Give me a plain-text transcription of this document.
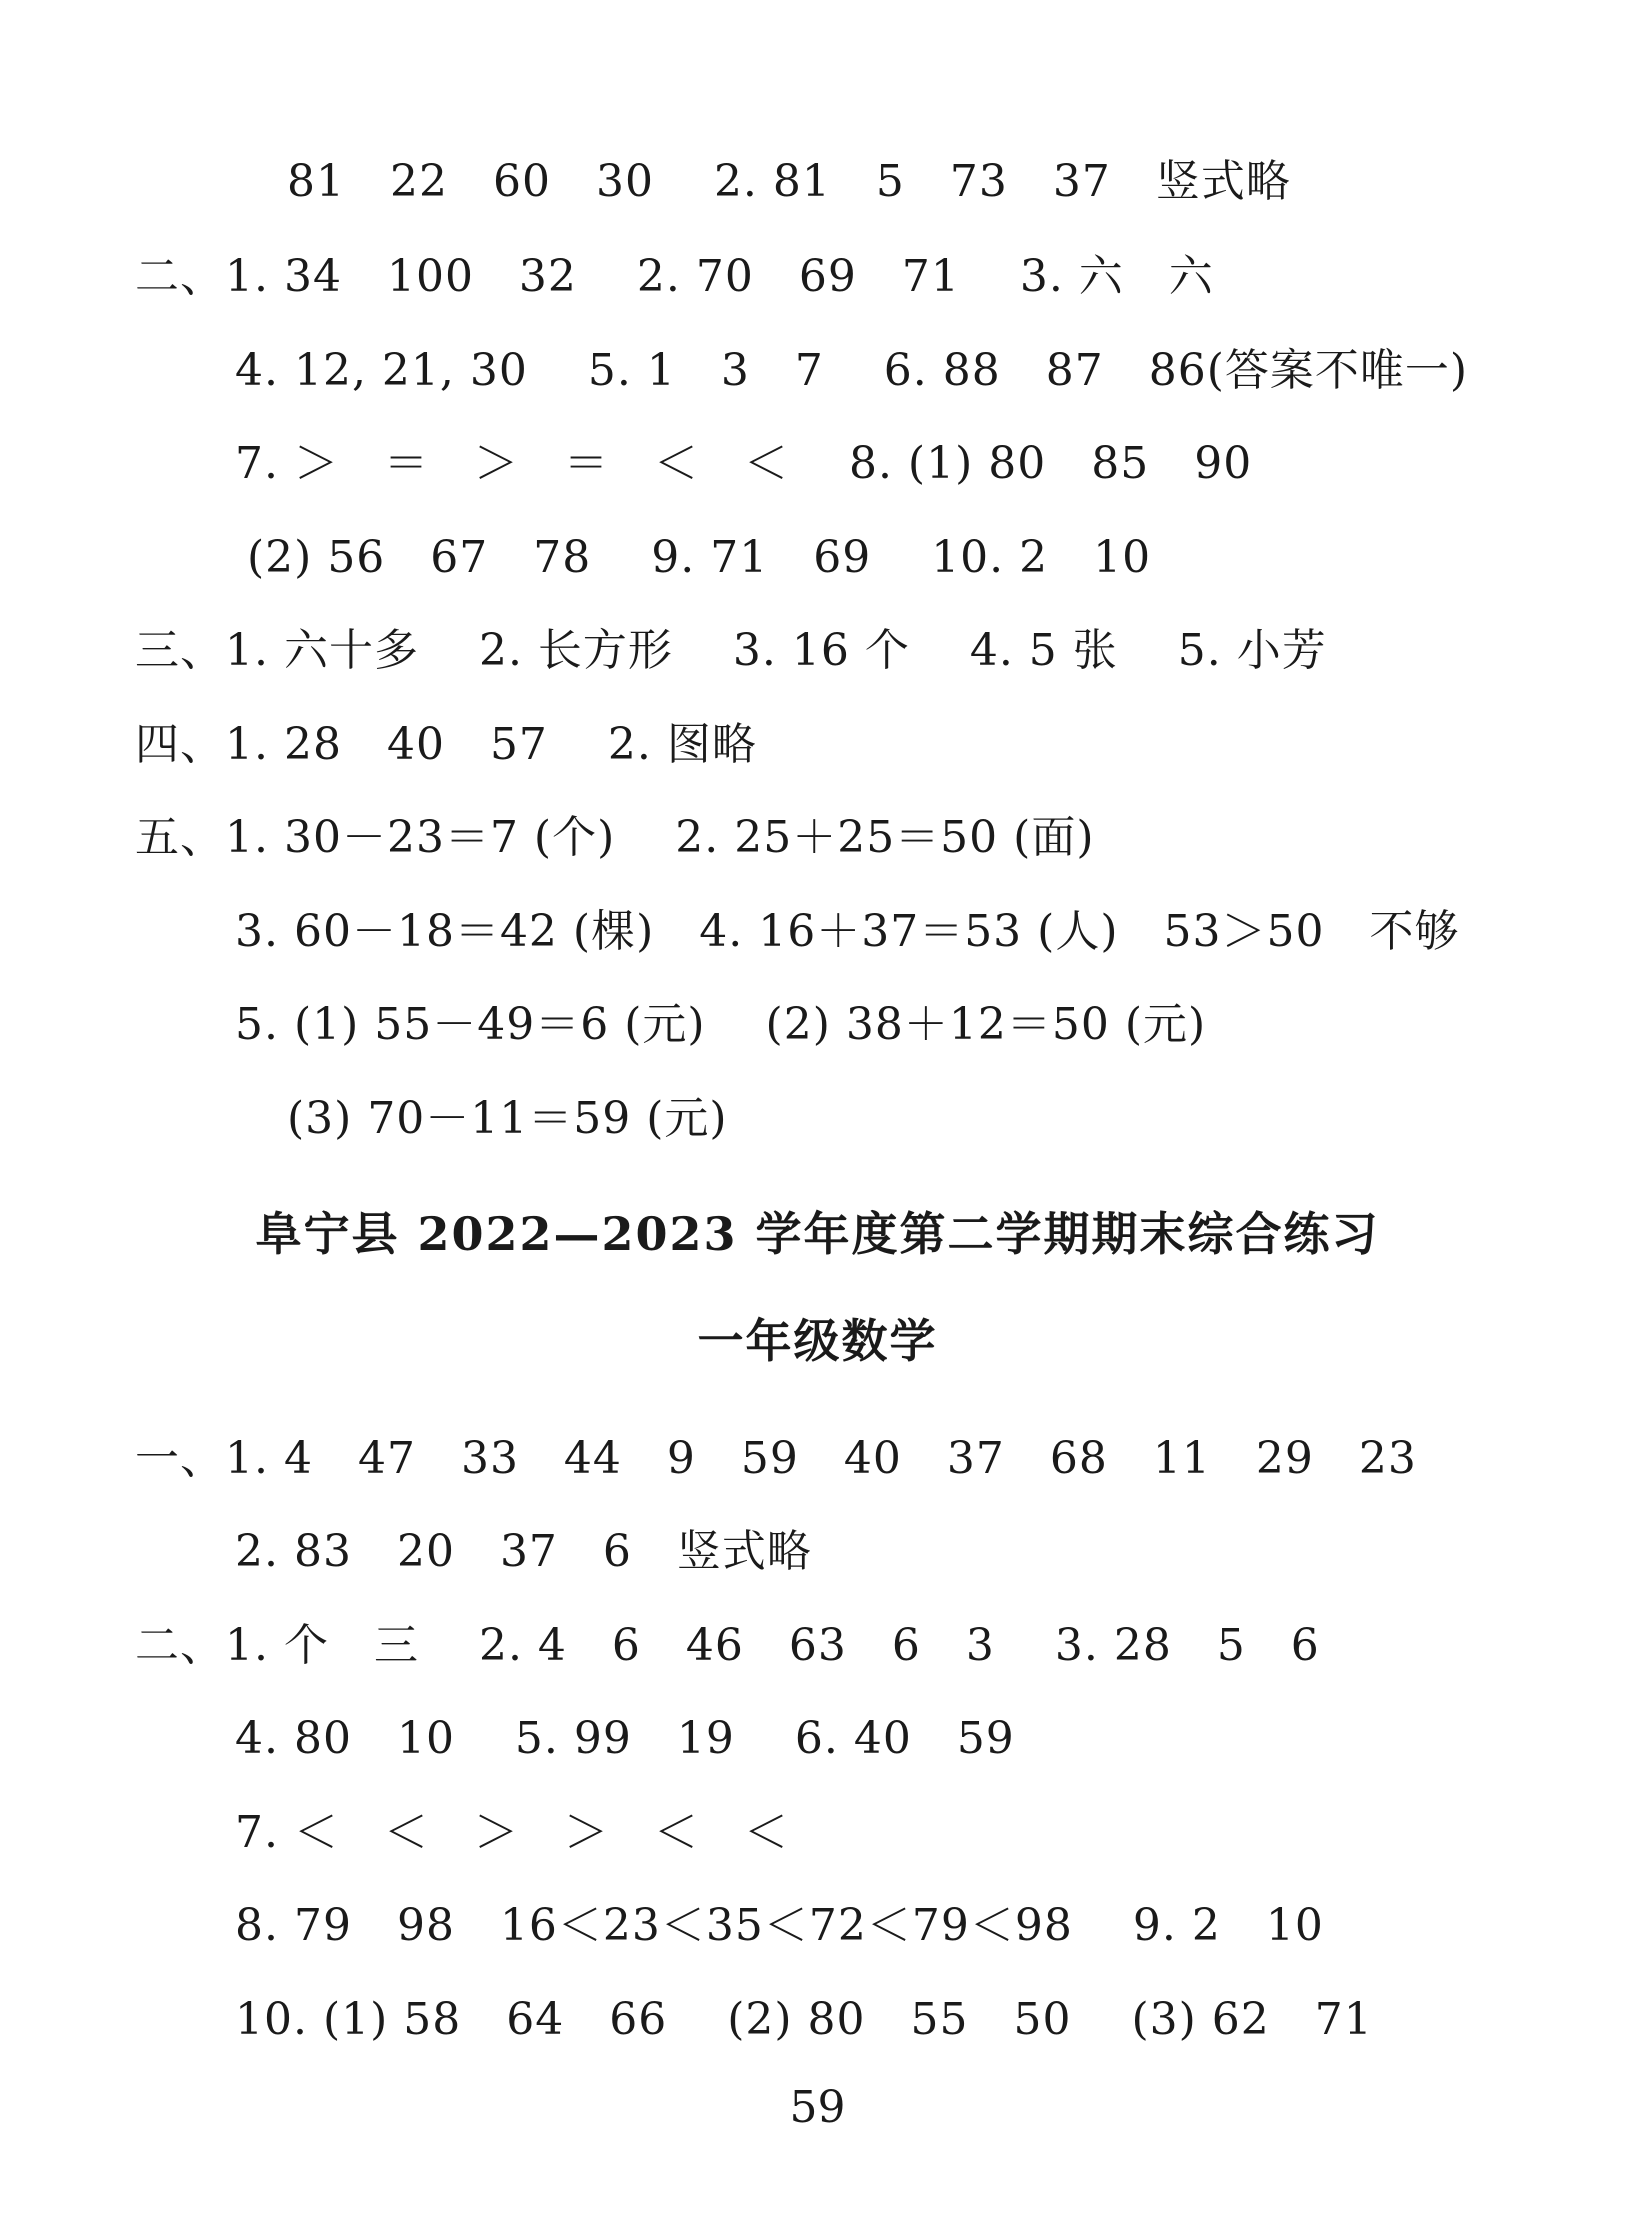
81　22　60　30　 2. 81　5　73　37　竖式略
二、1. 34　100　32　 2. 70　69　71　 3. 六　六
4. 12, 21, 30　 5. 1　3　7　 6. 88　87　86(答案不唯一)
7. ＞　＝　＞　＝　＜　＜　 8. (1) 80　85　90
(2) 56　67　78　 9. 71　69　 10. 2　10
三、1. 六十多　 2. 长方形　 3. 16 个　 4. 5 张　 5. 小芳
四、1. 28　40　57　 2. 图略
五、1. 30－23＝7 (个)　 2. 25＋25＝50 (面)
3. 60－18＝42 (棵)　4. 16＋37＝53 (人)　53＞50　不够
5. (1) 55－49＝6 (元)　 (2) 38＋12＝50 (元)
(3) 70－11＝59 (元)
阜宁县 2022—2023 学年度第二学期期末综合练习
一年级数学
一、1. 4　47　33　44　9　59　40　37　68　11　29　23
2. 83　20　37　6　竖式略
二、1. 个　三　 2. 4　6　46　63　6　3　 3. 28　5　6
4. 80　10　 5. 99　19　 6. 40　59
7. ＜　＜　＞　＞　＜　＜
8. 79　98　16＜23＜35＜72＜79＜98　 9. 2　10
10. (1) 58　64　66　 (2) 80　55　50　 (3) 62　71
59
